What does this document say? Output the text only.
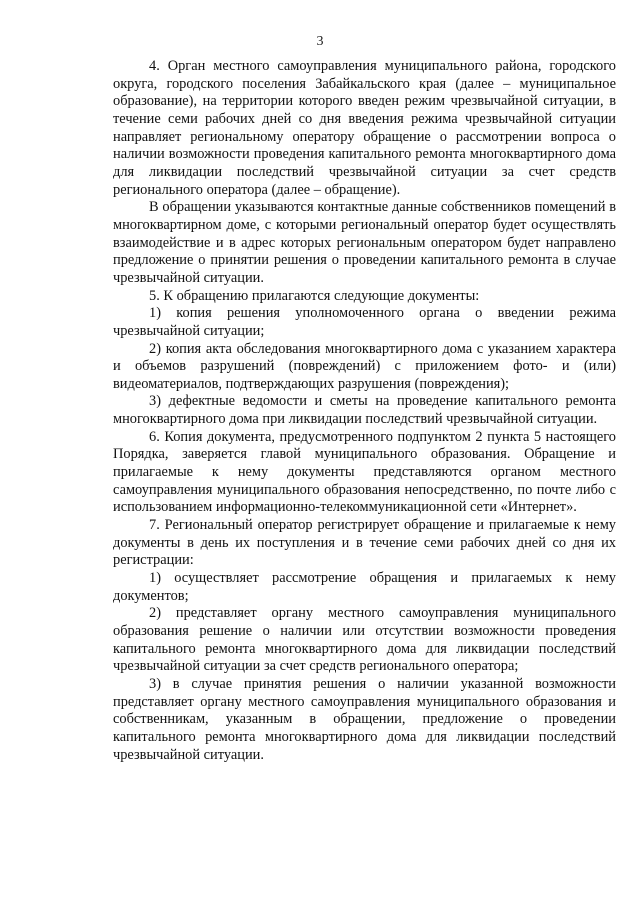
3

4. Орган местного самоуправления муниципального района, городского округа, городского поселения Забайкальского края (далее – муниципальное образование), на территории которого введен режим чрезвычайной ситуации, в течение семи рабочих дней со дня введения режима чрезвычайной ситуации направляет региональному оператору обращение о рассмотрении вопроса о наличии возможности проведения капитального ремонта многоквартирного дома для ликвидации последствий чрезвычайной ситуации за счет средств регионального оператора (далее – обращение).

В обращении указываются контактные данные собственников помещений в многоквартирном доме, с которыми региональный оператор будет осуществлять взаимодействие и в адрес которых региональным оператором будет направлено предложение о принятии решения о проведении капитального ремонта в случае чрезвычайной ситуации.

5. К обращению прилагаются следующие документы:

1) копия решения уполномоченного органа о введении режима чрезвычайной ситуации;

2) копия акта обследования многоквартирного дома с указанием характера и объемов разрушений (повреждений) с приложением фото- и (или) видеоматериалов, подтверждающих разрушения (повреждения);

3) дефектные ведомости и сметы на проведение капитального ремонта многоквартирного дома при ликвидации последствий чрезвычайной ситуации.

6. Копия документа, предусмотренного подпунктом 2 пункта 5 настоящего Порядка, заверяется главой муниципального образования. Обращение и прилагаемые к нему документы представляются органом местного самоуправления муниципального образования непосредственно, по почте либо с использованием информационно-телекоммуникационной сети «Интернет».

7. Региональный оператор регистрирует обращение и прилагаемые к нему документы в день их поступления и в течение семи рабочих дней со дня их регистрации:

1) осуществляет рассмотрение обращения и прилагаемых к нему документов;

2) представляет органу местного самоуправления муниципального образования решение о наличии или отсутствии возможности проведения капитального ремонта многоквартирного дома для ликвидации последствий чрезвычайной ситуации за счет средств регионального оператора;

3) в случае принятия решения о наличии указанной возможности представляет органу местного самоуправления муниципального образования и собственникам, указанным в обращении, предложение о проведении капитального ремонта многоквартирного дома для ликвидации последствий чрезвычайной ситуации.
